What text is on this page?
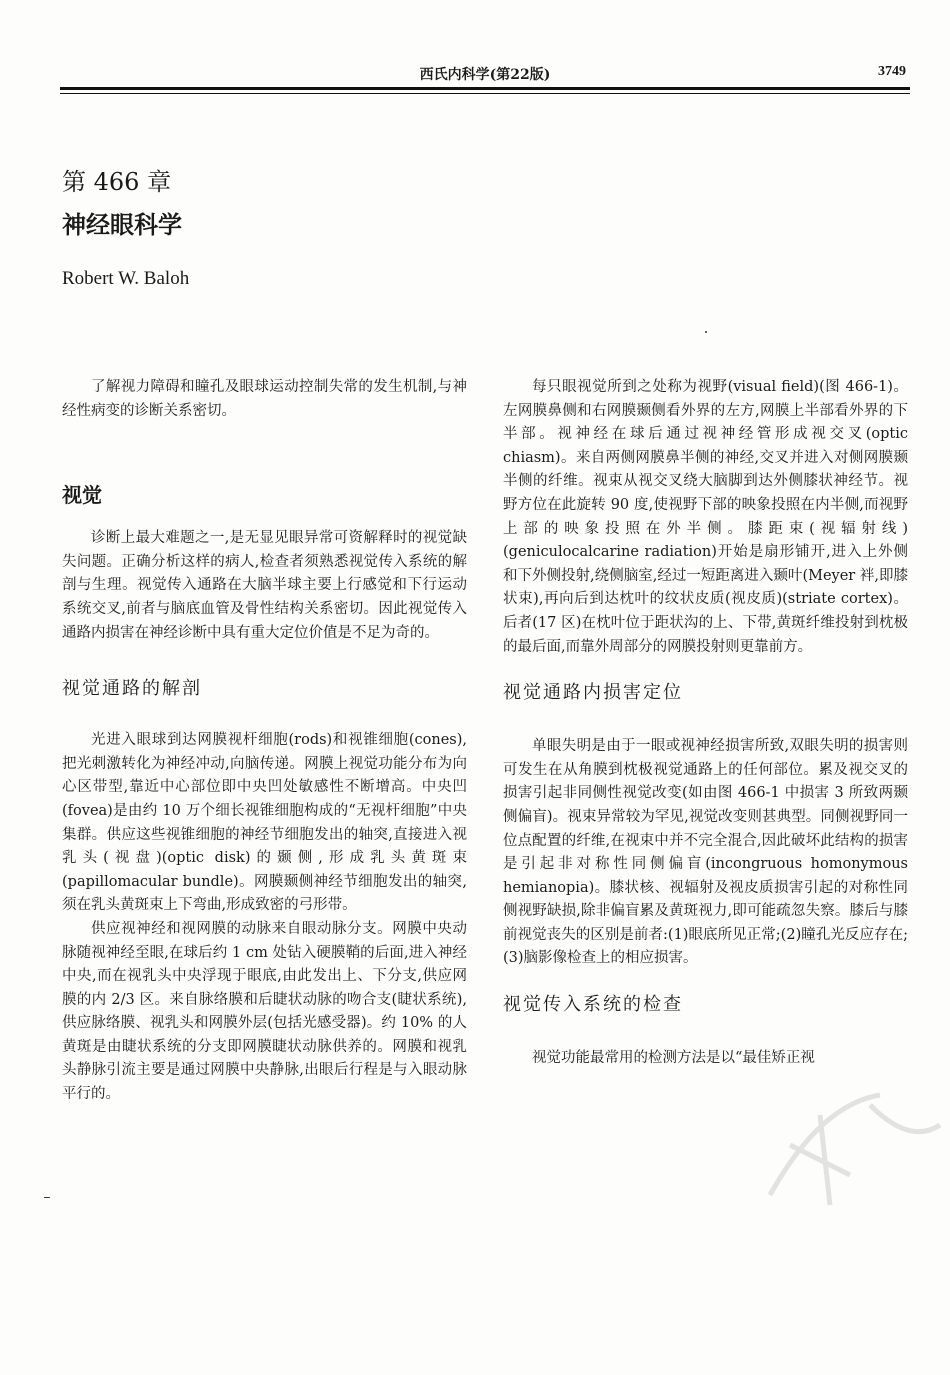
西氏内科学(第22版)	3749
第 466 章
神经眼科学
Robert W. Baloh

了解视力障碍和瞳孔及眼球运动控制失常的发生机制,与神经性病变的诊断关系密切。

视觉

诊断上最大难题之一,是无显见眼异常可资解释时的视觉缺失问题。正确分析这样的病人,检查者须熟悉视觉传入系统的解剖与生理。视觉传入通路在大脑半球主要上行感觉和下行运动系统交叉,前者与脑底血管及骨性结构关系密切。因此视觉传入通路内损害在神经诊断中具有重大定位价值是不足为奇的。

视觉通路的解剖

光进入眼球到达网膜视杆细胞(rods)和视锥细胞(cones),把光刺激转化为神经冲动,向脑传递。网膜上视觉功能分布为向心区带型,靠近中心部位即中央凹处敏感性不断增高。中央凹(fovea)是由约 10 万个细长视锥细胞构成的“无视杆细胞”中央集群。供应这些视锥细胞的神经节细胞发出的轴突,直接进入视乳头(视盘)(optic disk)的颞侧,形成乳头黄斑束(papillomacular bundle)。网膜颞侧神经节细胞发出的轴突,须在乳头黄斑束上下弯曲,形成致密的弓形带。

供应视神经和视网膜的动脉来自眼动脉分支。网膜中央动脉随视神经至眼,在球后约 1 cm 处钻入硬膜鞘的后面,进入神经中央,而在视乳头中央浮现于眼底,由此发出上、下分支,供应网膜的内 2/3 区。来自脉络膜和后睫状动脉的吻合支(睫状系统),供应脉络膜、视乳头和网膜外层(包括光感受器)。约 10% 的人黄斑是由睫状系统的分支即网膜睫状动脉供养的。网膜和视乳头静脉引流主要是通过网膜中央静脉,出眼后行程是与入眼动脉平行的。

每只眼视觉所到之处称为视野(visual field)(图 466-1)。左网膜鼻侧和右网膜颞侧看外界的左方,网膜上半部看外界的下半部。视神经在球后通过视神经管形成视交叉(optic chiasm)。来自两侧网膜鼻半侧的神经,交叉并进入对侧网膜颞半侧的纤维。视束从视交叉绕大脑脚到达外侧膝状神经节。视野方位在此旋转 90 度,使视野下部的映象投照在内半侧,而视野上部的映象投照在外半侧。膝距束(视辐射线)(geniculocalcarine radiation)开始是扇形铺开,进入上外侧和下外侧投射,绕侧脑室,经过一短距离进入颞叶(Meyer 袢,即膝状束),再向后到达枕叶的纹状皮质(视皮质)(striate cortex)。后者(17 区)在枕叶位于距状沟的上、下带,黄斑纤维投射到枕极的最后面,而靠外周部分的网膜投射则更靠前方。

视觉通路内损害定位

单眼失明是由于一眼或视神经损害所致,双眼失明的损害则可发生在从角膜到枕极视觉通路上的任何部位。累及视交叉的损害引起非同侧性视觉改变(如由图 466-1 中损害 3 所致两颞侧偏盲)。视束异常较为罕见,视觉改变则甚典型。同侧视野同一位点配置的纤维,在视束中并不完全混合,因此破坏此结构的损害是引起非对称性同侧偏盲(incongruous homonymous hemianopia)。膝状核、视辐射及视皮质损害引起的对称性同侧视野缺损,除非偏盲累及黄斑视力,即可能疏忽失察。膝后与膝前视觉丧失的区别是前者:(1)眼底所见正常;(2)瞳孔光反应存在;(3)脑影像检查上的相应损害。

视觉传入系统的检查

视觉功能最常用的检测方法是以“最佳矫正视
